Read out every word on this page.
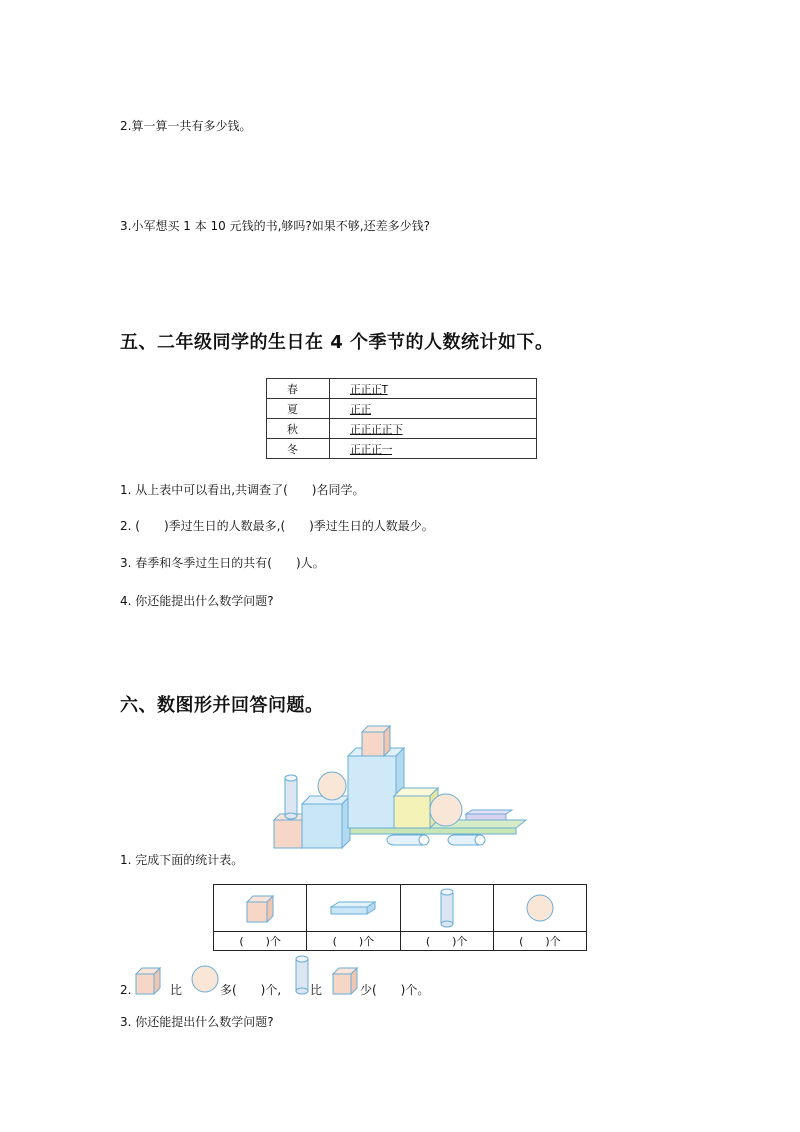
2.算一算一共有多少钱。
3.小军想买 1 本 10 元钱的书,够吗?如果不够,还差多少钱?
五、二年级同学的生日在 4 个季节的人数统计如下。
春	正正正T
夏	正正
秋	正正正正下
冬	正正正一
1. 从上表中可以看出,共调查了(　　)名同学。
2. (　　)季过生日的人数最多,(　　)季过生日的人数最少。
3. 春季和冬季过生日的共有(　　)人。
4. 你还能提出什么数学问题?
六、数图形并回答问题。
1. 完成下面的统计表。

(　　)个	(　　)个	(　　)个	(　　)个
2.	比	多(　　)个, 比	少(　　)个。
3. 你还能提出什么数学问题?
